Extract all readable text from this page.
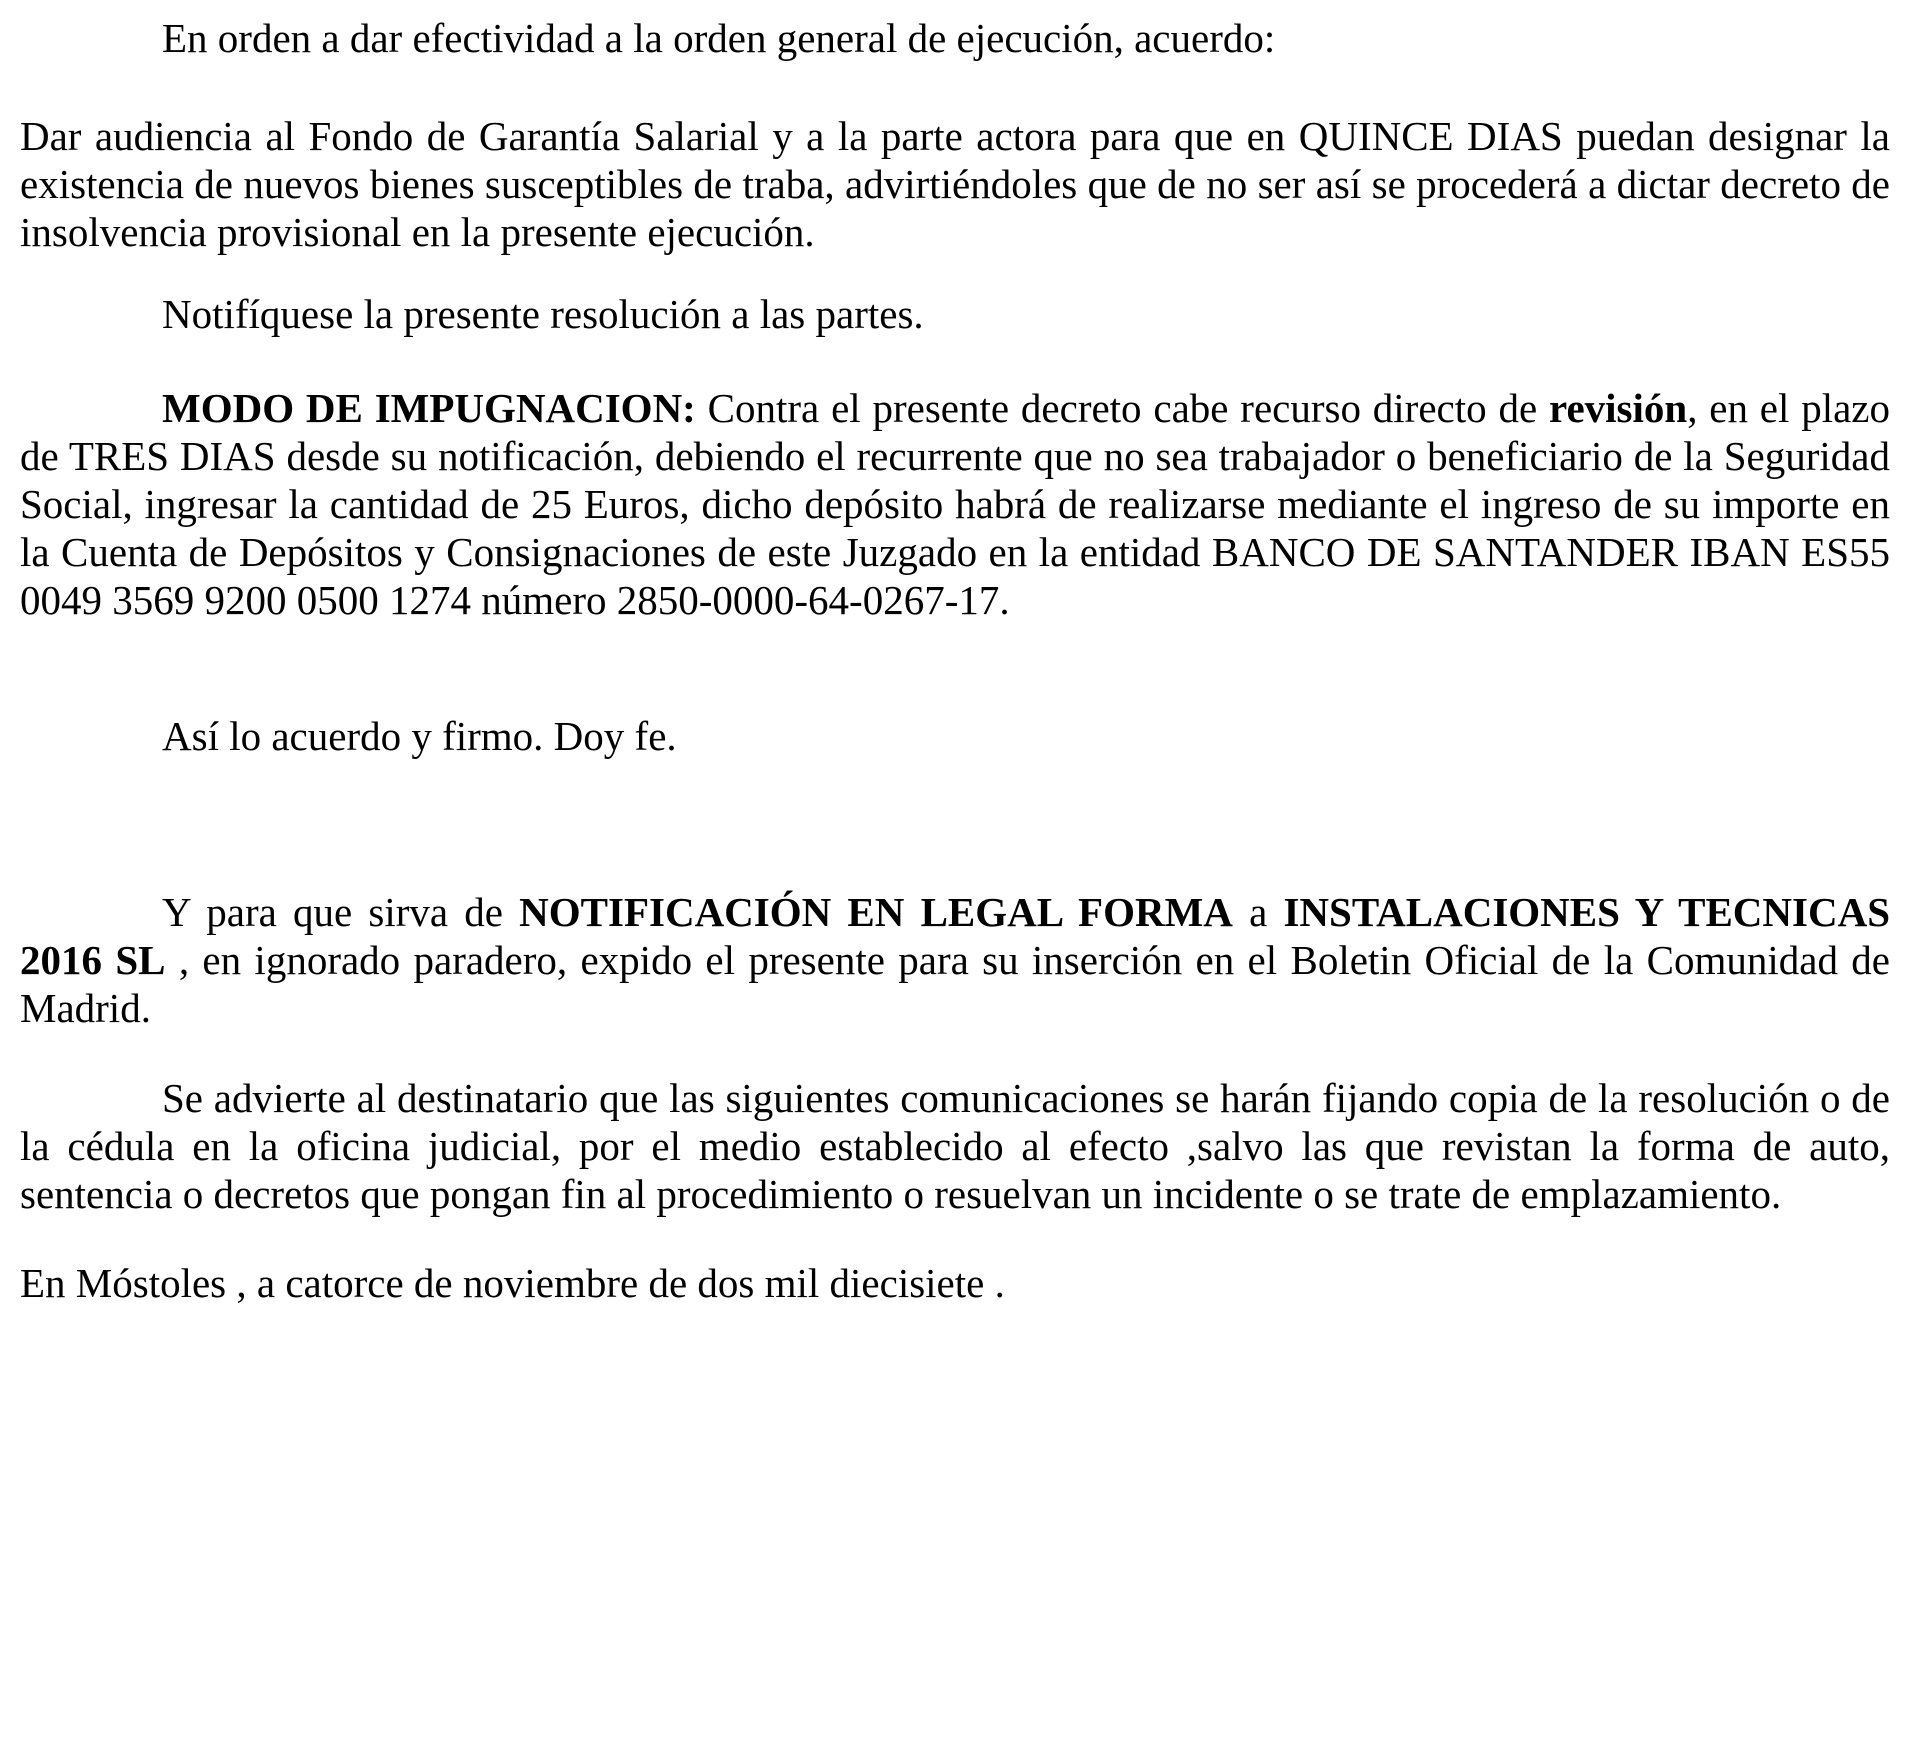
En orden a dar efectividad a la orden general de ejecución, acuerdo:

Dar audiencia al Fondo de Garantía Salarial y a la parte actora para que en QUINCE DIAS puedan designar la existencia de nuevos bienes susceptibles de traba, advirtiéndoles que de no ser así se procederá a dictar decreto de insolvencia provisional en la presente ejecución.

Notifíquese la presente resolución a las partes.

MODO DE IMPUGNACION: Contra el presente decreto cabe recurso directo de revisión, en el plazo de TRES DIAS desde su notificación, debiendo el recurrente que no sea trabajador o beneficiario de la Seguridad Social, ingresar la cantidad de 25 Euros, dicho depósito habrá de realizarse mediante el ingreso de su importe en la Cuenta de Depósitos y Consignaciones de este Juzgado en la entidad BANCO DE SANTANDER IBAN ES55 0049 3569 9200 0500 1274 número 2850-0000-64-0267-17.

Así lo acuerdo y firmo. Doy fe.

Y para que sirva de NOTIFICACIÓN EN LEGAL FORMA a INSTALACIONES Y TECNICAS 2016 SL , en ignorado paradero, expido el presente para su inserción en el Boletin Oficial de la Comunidad de Madrid.

Se advierte al destinatario que las siguientes comunicaciones se harán fijando copia de la resolución o de la cédula en la oficina judicial, por el medio establecido al efecto ,salvo las que revistan la forma de auto, sentencia o decretos que pongan fin al procedimiento o resuelvan un incidente o se trate de emplazamiento.

En Móstoles , a catorce de noviembre de dos mil diecisiete .
